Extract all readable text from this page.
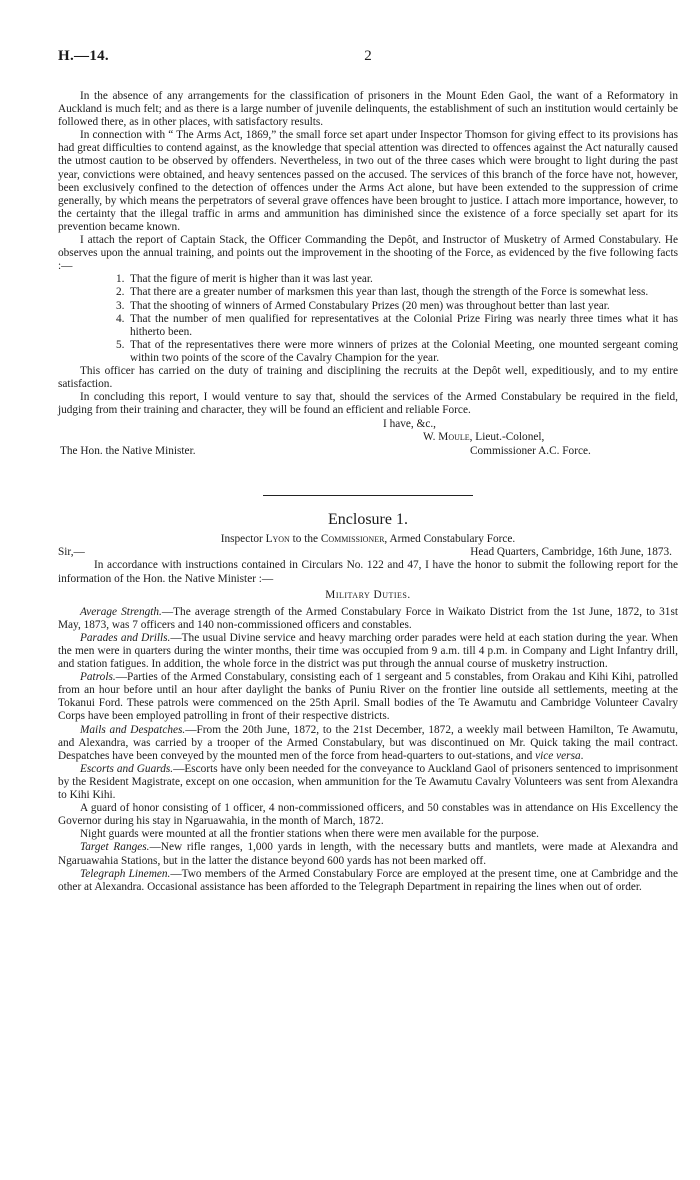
H.—14.	2

In the absence of any arrangements for the classification of prisoners in the Mount Eden Gaol, the want of a Reformatory in Auckland is much felt; and as there is a large number of juvenile delinquents, the establishment of such an institution would certainly be followed there, as in other places, with satisfactory results.

In connection with “ The Arms Act, 1869,” the small force set apart under Inspector Thomson for giving effect to its provisions has had great difficulties to contend against, as the knowledge that special attention was directed to offences against the Act naturally caused the utmost caution to be observed by offenders. Nevertheless, in two out of the three cases which were brought to light during the past year, convictions were obtained, and heavy sentences passed on the accused. The services of this branch of the force have not, however, been exclusively confined to the detection of offences under the Arms Act alone, but have been extended to the suppression of crime generally, by which means the perpetrators of several grave offences have been brought to justice. I attach more importance, however, to the certainty that the illegal traffic in arms and ammunition has diminished since the existence of a force specially set apart for its prevention became known.

I attach the report of Captain Stack, the Officer Commanding the Depôt, and Instructor of Musketry of Armed Constabulary. He observes upon the annual training, and points out the improvement in the shooting of the Force, as evidenced by the five following facts :—

1. That the figure of merit is higher than it was last year.
2. That there are a greater number of marksmen this year than last, though the strength of the Force is somewhat less.
3. That the shooting of winners of Armed Constabulary Prizes (20 men) was throughout better than last year.
4. That the number of men qualified for representatives at the Colonial Prize Firing was nearly three times what it has hitherto been.
5. That of the representatives there were more winners of prizes at the Colonial Meeting, one mounted sergeant coming within two points of the score of the Cavalry Champion for the year.

This officer has carried on the duty of training and disciplining the recruits at the Depôt well, expeditiously, and to my entire satisfaction.

In concluding this report, I would venture to say that, should the services of the Armed Constabulary be required in the field, judging from their training and character, they will be found an efficient and reliable Force.

I have, &c.,
W. Moule, Lieut.-Colonel,
The Hon. the Native Minister.	Commissioner A.C. Force.
Enclosure 1.
Inspector Lyon to the Commissioner, Armed Constabulary Force.
Sir,—	Head Quarters, Cambridge, 16th June, 1873.

In accordance with instructions contained in Circulars No. 122 and 47, I have the honor to submit the following report for the information of the Hon. the Native Minister :—

Military Duties.

Average Strength.—The average strength of the Armed Constabulary Force in Waikato District from the 1st June, 1872, to 31st May, 1873, was 7 officers and 140 non-commissioned officers and constables.

Parades and Drills.—The usual Divine service and heavy marching order parades were held at each station during the year. When the men were in quarters during the winter months, their time was occupied from 9 a.m. till 4 p.m. in Company and Light Infantry drill, and station fatigues. In addition, the whole force in the district was put through the annual course of musketry instruction.

Patrols.—Parties of the Armed Constabulary, consisting each of 1 sergeant and 5 constables, from Orakau and Kihi Kihi, patrolled from an hour before until an hour after daylight the banks of Puniu River on the frontier line outside all settlements, meeting at the Tokanui Ford. These patrols were commenced on the 25th April. Small bodies of the Te Awamutu and Cambridge Volunteer Cavalry Corps have been employed patrolling in front of their respective districts.

Mails and Despatches.—From the 20th June, 1872, to the 21st December, 1872, a weekly mail between Hamilton, Te Awamutu, and Alexandra, was carried by a trooper of the Armed Constabulary, but was discontinued on Mr. Quick taking the mail contract. Despatches have been conveyed by the mounted men of the force from head-quarters to out-stations, and vice versa.

Escorts and Guards.—Escorts have only been needed for the conveyance to Auckland Gaol of prisoners sentenced to imprisonment by the Resident Magistrate, except on one occasion, when ammunition for the Te Awamutu Cavalry Volunteers was sent from Alexandra to Kihi Kihi.

A guard of honor consisting of 1 officer, 4 non-commissioned officers, and 50 constables was in attendance on His Excellency the Governor during his stay in Ngaruawahia, in the month of March, 1872.

Night guards were mounted at all the frontier stations when there were men available for the purpose.

Target Ranges.—New rifle ranges, 1,000 yards in length, with the necessary butts and mantlets, were made at Alexandra and Ngaruawahia Stations, but in the latter the distance beyond 600 yards has not been marked off.

Telegraph Linemen.—Two members of the Armed Constabulary Force are employed at the present time, one at Cambridge and the other at Alexandra. Occasional assistance has been afforded to the Telegraph Department in repairing the lines when out of order.
